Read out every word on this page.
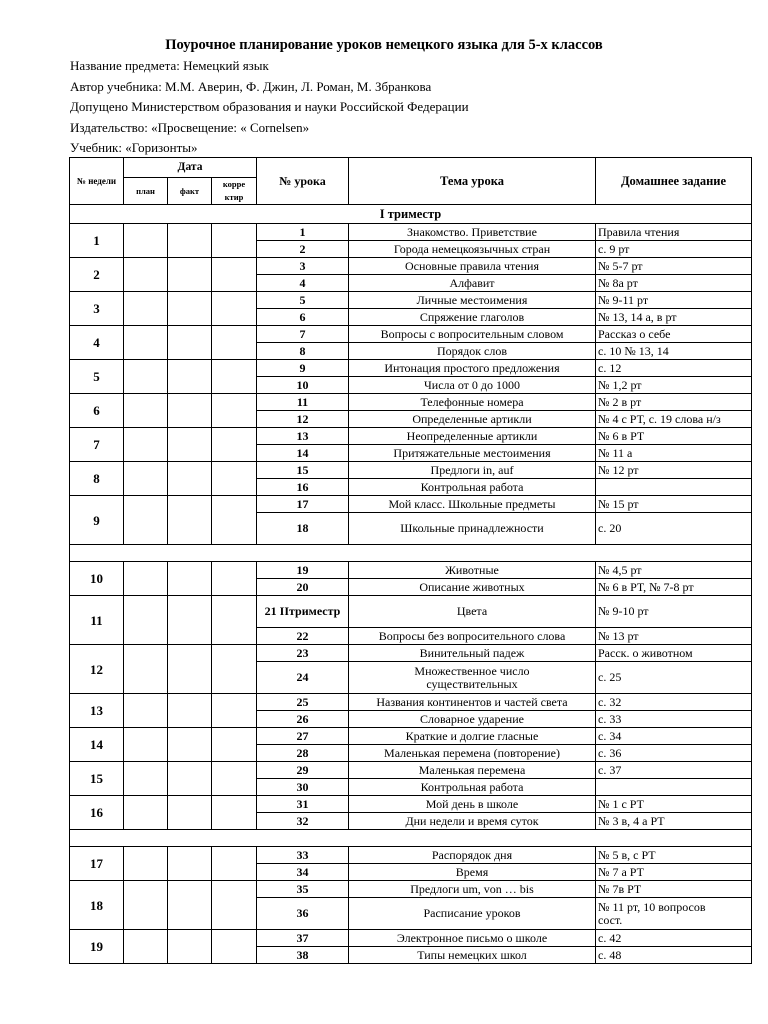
Поурочное планирование уроков немецкого языка для 5-х классов
Название предмета: Немецкий язык
Автор учебника: М.М. Аверин, Ф. Джин, Л. Роман, М. Збранкова
Допущено Министерством образования и науки Российской Федерации
Издательство: «Просвещение: « Cornelsen»
Учебник: «Горизонты»
№ недели	Дата			№ урока	Тема урока	Домашнее задание
	план	факт	корре ктир			
I триместр						
1				1	Знакомство. Приветствие	Правила чтения
				2	Города немецкоязычных стран	с. 9 рт
2				3	Основные правила чтения	№ 5-7 рт
				4	Алфавит	№ 8а рт
3				5	Личные местоимения	№ 9-11 рт
				6	Спряжение глаголов	№ 13, 14 а, в рт
4				7	Вопросы с вопросительным словом	Рассказ о себе
				8	Порядок слов	с. 10 № 13, 14
5				9	Интонация простого предложения	с. 12
				10	Числа от 0 до 1000	№ 1,2 рт
6				11	Телефонные номера	№ 2 в рт
				12	Определенные артикли	№ 4 с РТ, с. 19 слова н/з
7				13	Неопределенные артикли	№ 6 в РТ
				14	Притяжательные местоимения	№ 11 а
8				15	Предлоги in, auf	№ 12 рт
				16	Контрольная работа	
9				17	Мой класс. Школьные предметы	№ 15 рт
				18	Школьные принадлежности	с. 20

10				19	Животные	№ 4,5 рт
				20	Описание животных	№ 6 в РТ, № 7-8 рт
11				21 IIтриместр	Цвета	№ 9-10 рт
				22	Вопросы без вопросительного слова	№ 13 рт
12				23	Винительный падеж	Расск. о животном
				24	Множественное число
существительных	с. 25
13				25	Названия континентов и частей света	с. 32
				26	Словарное ударение	с. 33
14				27	Краткие и долгие гласные	с. 34
				28	Маленькая перемена (повторение)	с. 36
15				29	Маленькая перемена	с. 37
				30	Контрольная работа	
16				31	Мой день в школе	№ 1 с РТ
				32	Дни недели и время суток	№ 3 в, 4 а РТ

17				33	Распорядок дня	№ 5 в, с РТ
				34	Время	№ 7 а РТ
18				35	Предлоги um, von … bis	№ 7в РТ
				36	Расписание уроков	№ 11 рт, 10 вопросов
сост.
19				37	Электронное письмо о школе	с. 42
				38	Типы немецких школ	с. 48
